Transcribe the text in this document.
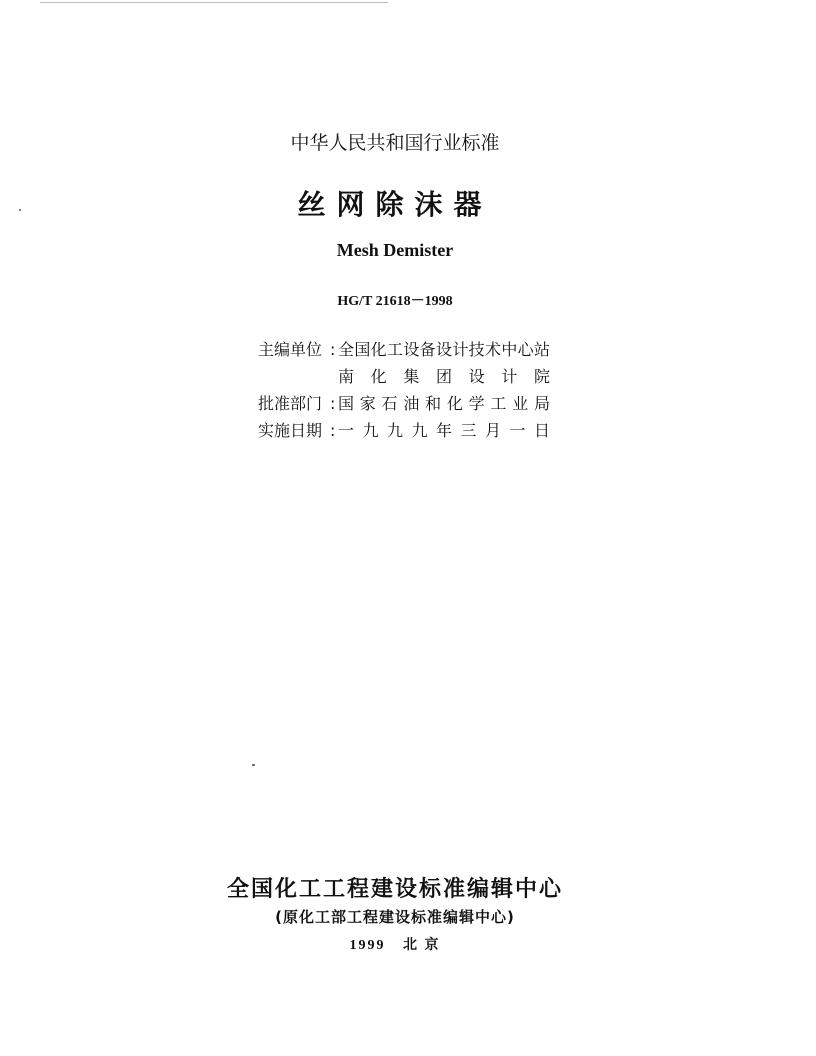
中华人民共和国行业标准
丝网除沫器
Mesh Demister
HG/T 21618－1998
主编单位 : 全国化工设备设计技术中心站
南化集团设计院
批准部门 : 国家石油和化学工业局
实施日期 : 一九九九年三月一日
全国化工工程建设标准编辑中心
(原化工部工程建设标准编辑中心)
1999 北 京
